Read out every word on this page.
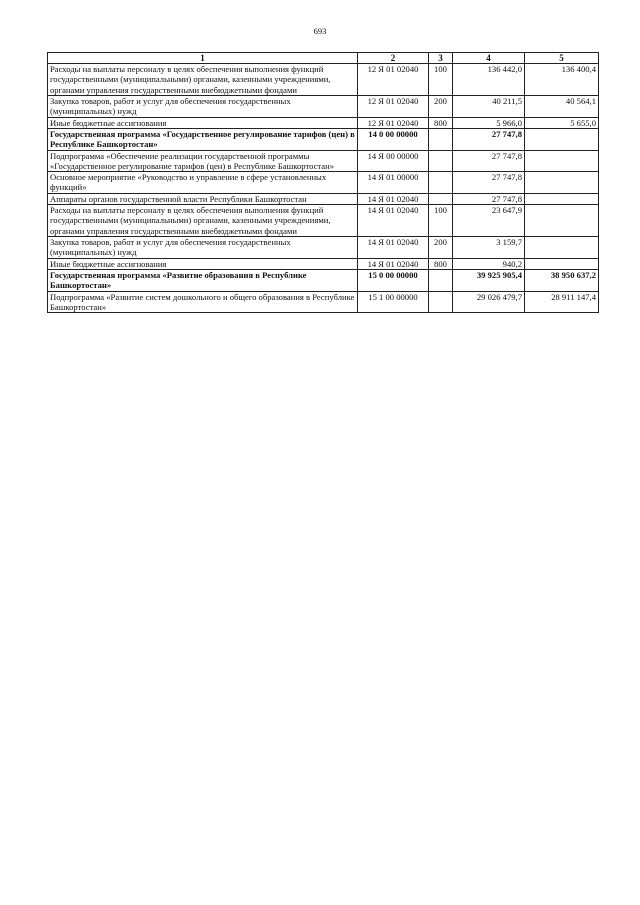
693
1	2	3	4	5
Расходы на выплаты персоналу в целях обеспечения выполнения функций государственными (муниципальными) органами, казенными учреждениями, органами управления государственными внебюджетными фондами	12 Я 01 02040	100	136 442,0	136 400,4
Закупка товаров, работ и услуг для обеспечения государственных (муниципальных) нужд	12 Я 01 02040	200	40 211,5	40 564,1
Иные бюджетные ассигнования	12 Я 01 02040	800	5 966,0	5 655,0
Государственная программа «Государственное регулирование тарифов (цен) в Республике Башкортостан»	14 0 00 00000		27 747,8	
Подпрограмма «Обеспечение реализации государственной программы «Государственное регулирование тарифов (цен) в Республике Башкортостан»	14 Я 00 00000		27 747,8	
Основное мероприятие «Руководство и управление в сфере установленных функций»	14 Я 01 00000		27 747,8	
Аппараты органов государственной власти Республики Башкортостан	14 Я 01 02040		27 747,8	
Расходы на выплаты персоналу в целях обеспечения выполнения функций государственными (муниципальными) органами, казенными учреждениями, органами управления государственными внебюджетными фондами	14 Я 01 02040	100	23 647,9	
Закупка товаров, работ и услуг для обеспечения государственных (муниципальных) нужд	14 Я 01 02040	200	3 159,7	
Иные бюджетные ассигнования	14 Я 01 02040	800	940,2	
Государственная программа «Развитие образования в Республике Башкортостан»	15 0 00 00000		39 925 905,4	38 950 637,2
Подпрограмма «Развитие систем дошкольного и общего образования в Республике Башкортостан»	15 1 00 00000		29 026 479,7	28 911 147,4
